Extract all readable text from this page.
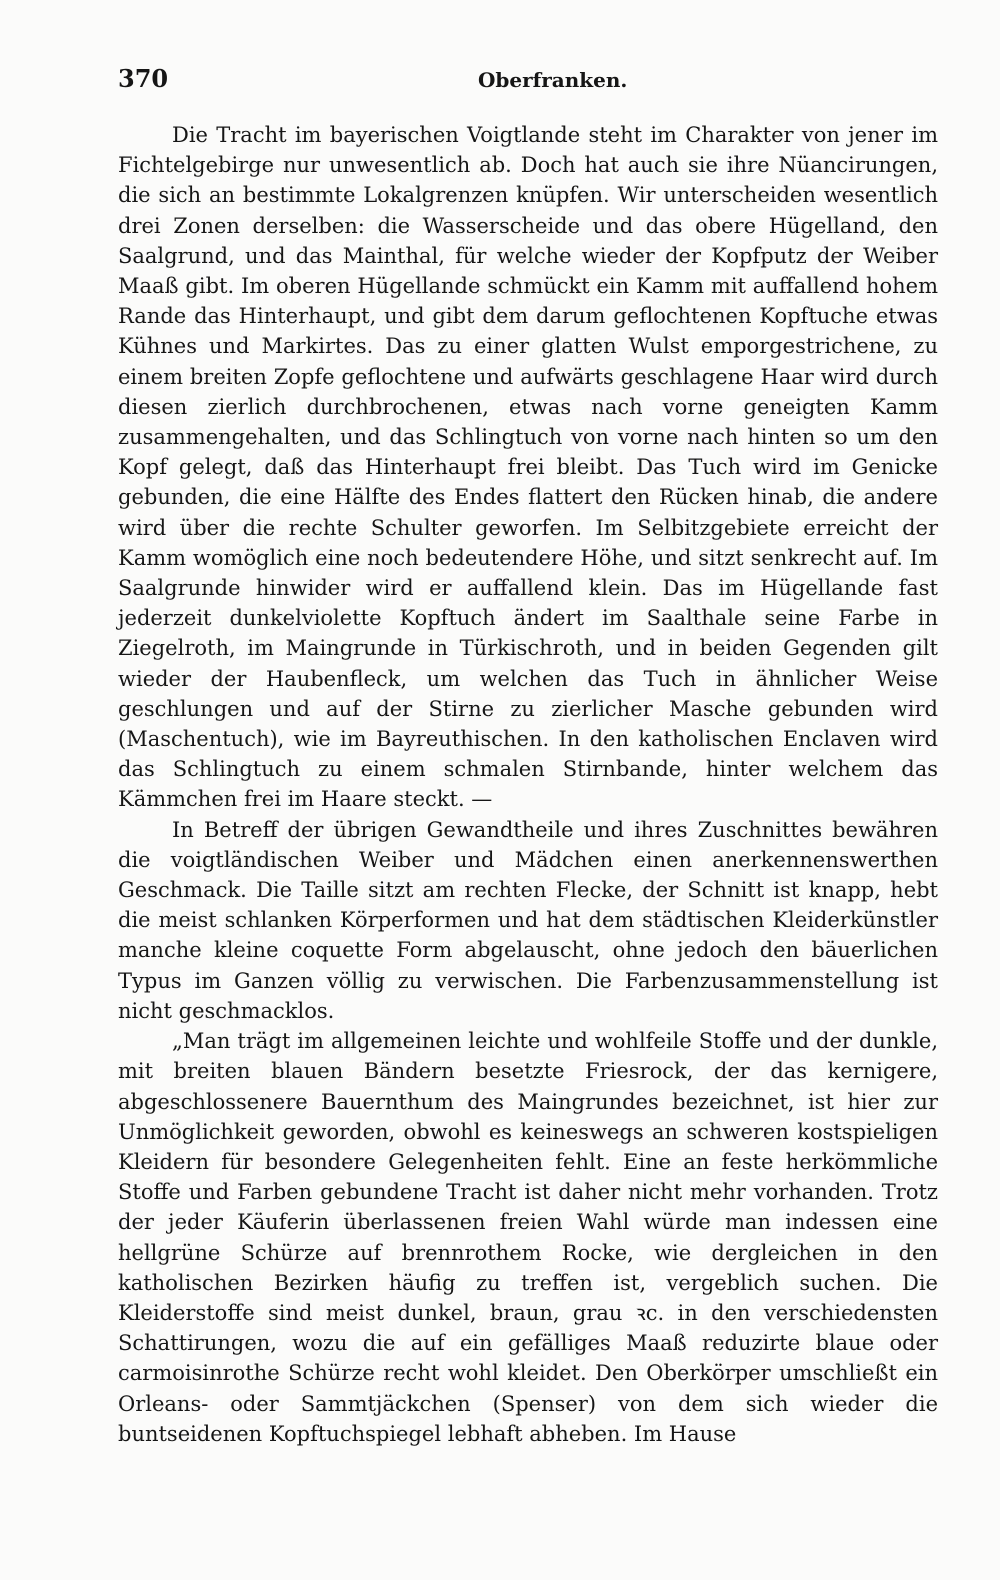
370	Oberfranken.

Die Tracht im bayerischen Voigtlande steht im Charakter von jener im Fichtelgebirge nur unwesentlich ab. Doch hat auch sie ihre Nüancirungen, die sich an bestimmte Lokalgrenzen knüpfen. Wir unterscheiden wesentlich drei Zonen derselben: die Wasserscheide und das obere Hügelland, den Saalgrund, und das Mainthal, für welche wieder der Kopfputz der Weiber Maaß gibt. Im oberen Hügellande schmückt ein Kamm mit auffallend hohem Rande das Hinterhaupt, und gibt dem darum geflochtenen Kopftuche etwas Kühnes und Markirtes. Das zu einer glatten Wulst emporgestrichene, zu einem breiten Zopfe geflochtene und aufwärts geschlagene Haar wird durch diesen zierlich durchbrochenen, etwas nach vorne geneigten Kamm zusammengehalten, und das Schlingtuch von vorne nach hinten so um den Kopf gelegt, daß das Hinterhaupt frei bleibt. Das Tuch wird im Genicke gebunden, die eine Hälfte des Endes flattert den Rücken hinab, die andere wird über die rechte Schulter geworfen. Im Selbitzgebiete erreicht der Kamm womöglich eine noch bedeutendere Höhe, und sitzt senkrecht auf. Im Saalgrunde hinwider wird er auffallend klein. Das im Hügellande fast jederzeit dunkelviolette Kopftuch ändert im Saalthale seine Farbe in Ziegelroth, im Maingrunde in Türkischroth, und in beiden Gegenden gilt wieder der Haubenfleck, um welchen das Tuch in ähnlicher Weise geschlungen und auf der Stirne zu zierlicher Masche gebunden wird (Maschentuch), wie im Bayreuthischen. In den katholischen Enclaven wird das Schlingtuch zu einem schmalen Stirnbande, hinter welchem das Kämmchen frei im Haare steckt. —

In Betreff der übrigen Gewandtheile und ihres Zuschnittes bewähren die voigtländischen Weiber und Mädchen einen anerkennenswerthen Geschmack. Die Taille sitzt am rechten Flecke, der Schnitt ist knapp, hebt die meist schlanken Körperformen und hat dem städtischen Kleiderkünstler manche kleine coquette Form abgelauscht, ohne jedoch den bäuerlichen Typus im Ganzen völlig zu verwischen. Die Farbenzusammenstellung ist nicht geschmacklos.

„Man trägt im allgemeinen leichte und wohlfeile Stoffe und der dunkle, mit breiten blauen Bändern besetzte Friesrock, der das kernigere, abgeschlossenere Bauernthum des Maingrundes bezeichnet, ist hier zur Unmöglichkeit geworden, obwohl es keineswegs an schweren kostspieligen Kleidern für besondere Gelegenheiten fehlt. Eine an feste herkömmliche Stoffe und Farben gebundene Tracht ist daher nicht mehr vorhanden. Trotz der jeder Käuferin überlassenen freien Wahl würde man indessen eine hellgrüne Schürze auf brennrothem Rocke, wie dergleichen in den katholischen Bezirken häufig zu treffen ist, vergeblich suchen. Die Kleiderstoffe sind meist dunkel, braun, grau ꝛc. in den verschiedensten Schattirungen, wozu die auf ein gefälliges Maaß reduzirte blaue oder carmoisinrothe Schürze recht wohl kleidet. Den Oberkörper umschließt ein Orleans- oder Sammtjäckchen (Spenser) von dem sich wieder die buntseidenen Kopftuchspiegel lebhaft abheben. Im Hause
